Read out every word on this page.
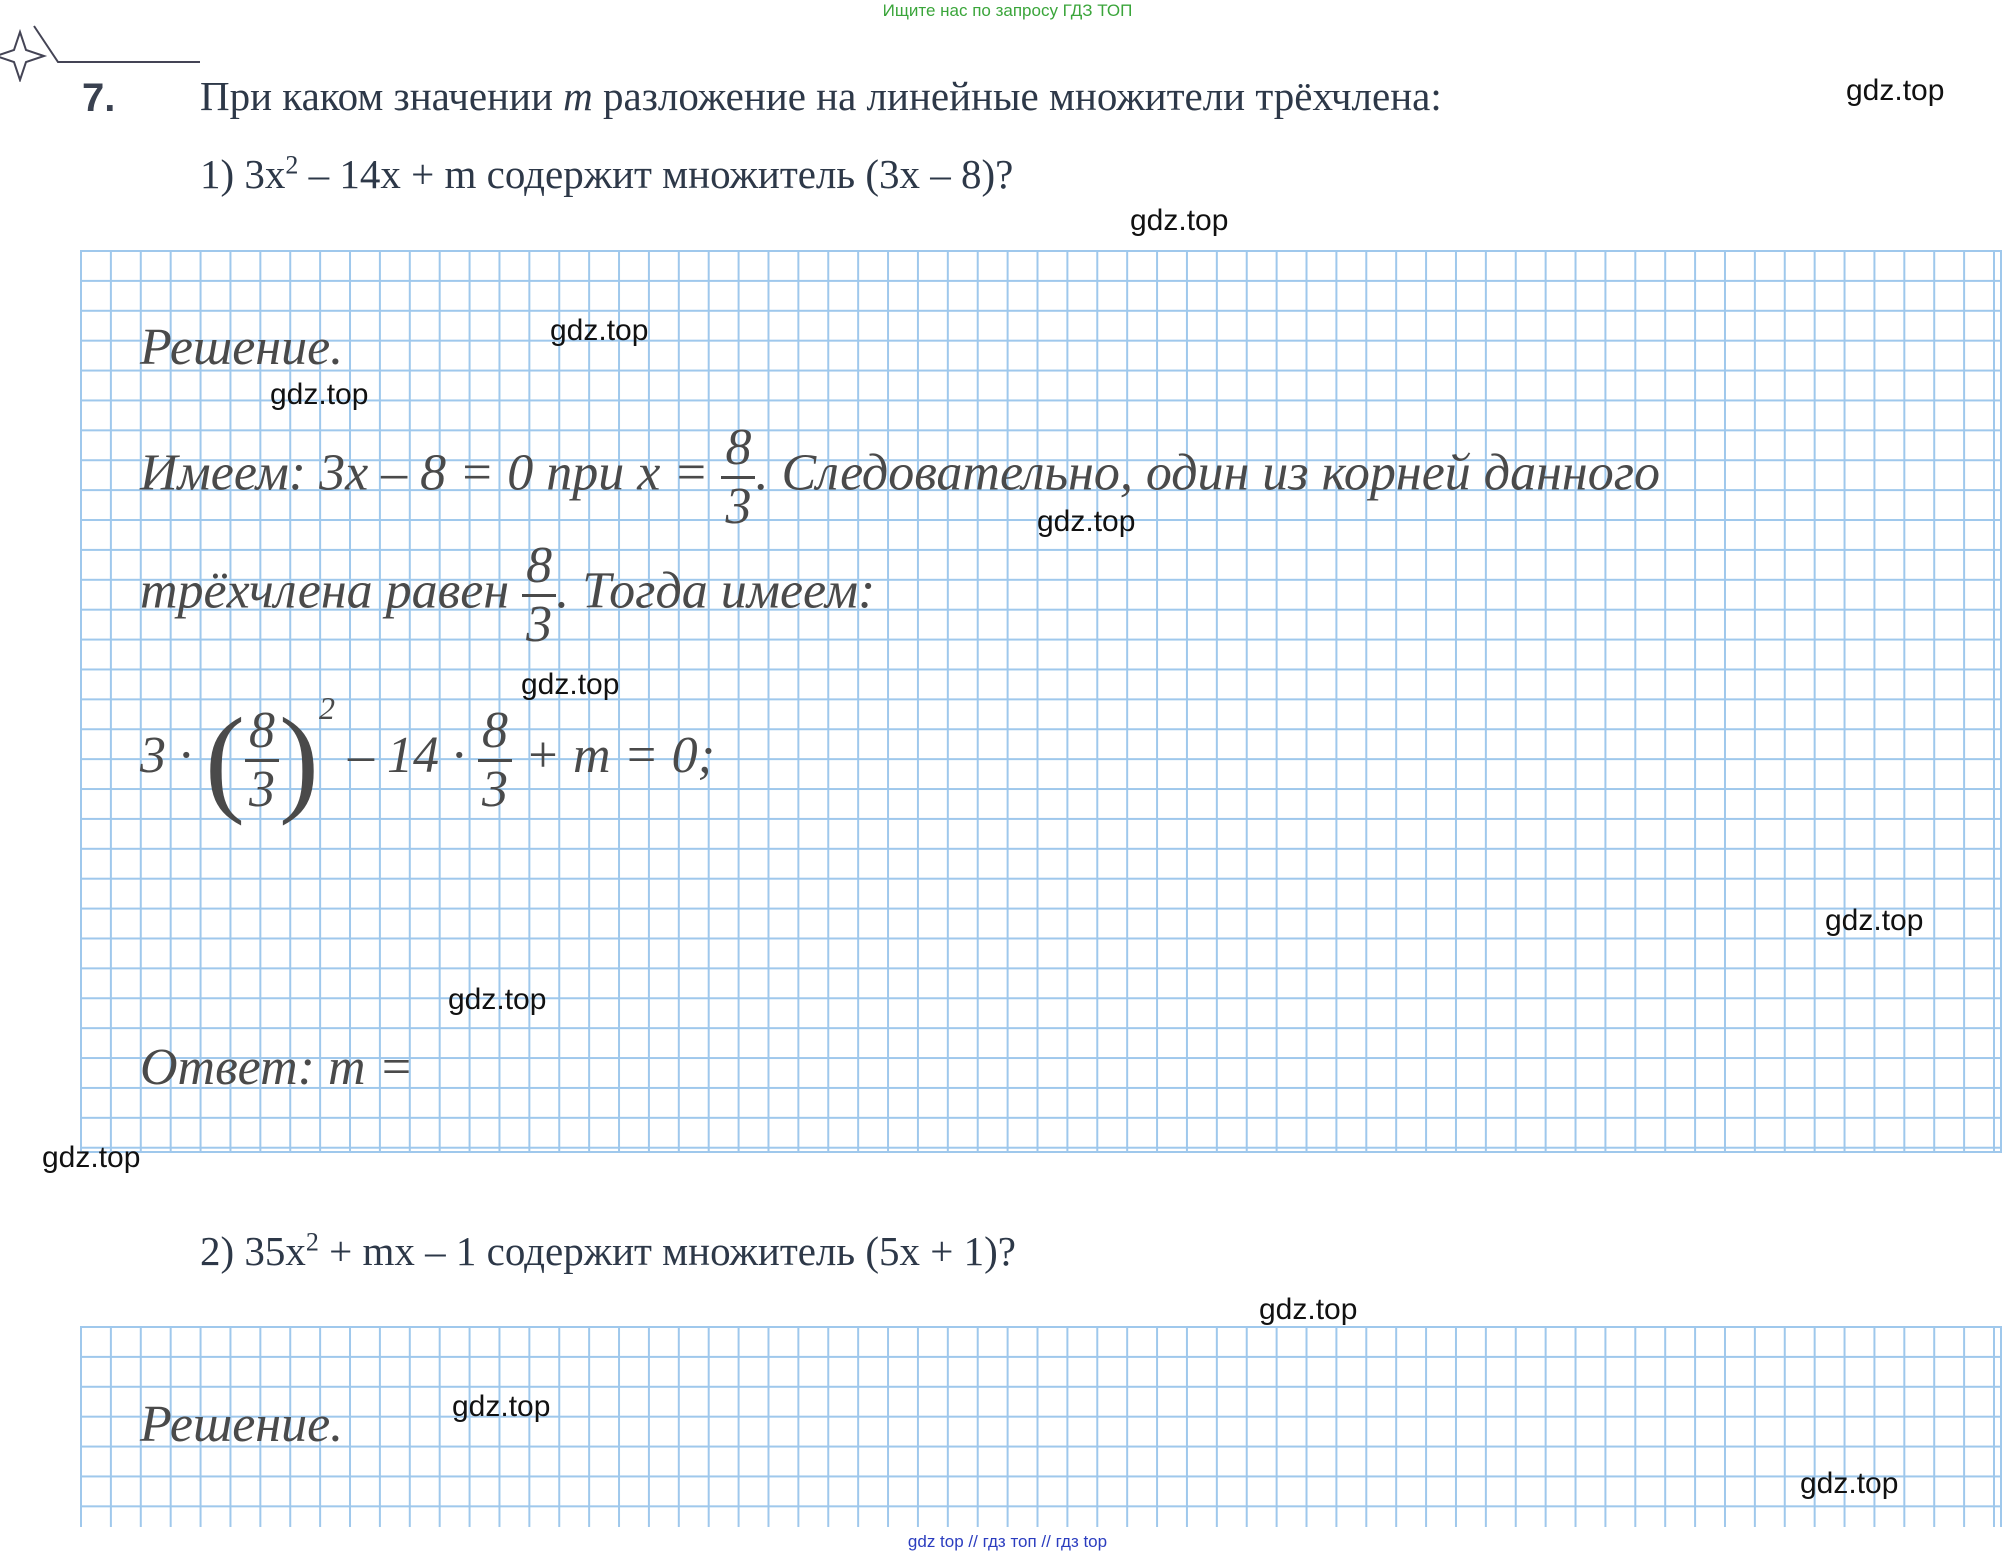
Ищите нас по запросу ГДЗ ТОП
gdz top // гдз топ // гдз top
7. При каком значении m разложение на линейные множители трёхчлена:
1) $3x^2 - 14x + m$ содержит множитель (3x – 8)?
Решение.
Имеем: 3x – 8 = 0 при $x = \frac{8}{3}$ . Следовательно, один из корней данного
трёхчлена равен $\frac{8}{3}$ . Тогда имеем:
3 · ( $\frac{8}{3} )^2 - 14 \cdot \frac{8}{3} + m = 0$;
Ответ: m =
2) $35x^2$ + mx – 1 содержит множитель (5x + 1)?
Решение.
gdz.top
gdz.top
gdz.top
gdz.top
gdz.top
gdz.top
gdz.top
gdz.top
gdz.top
gdz.top
gdz.top
gdz.top
